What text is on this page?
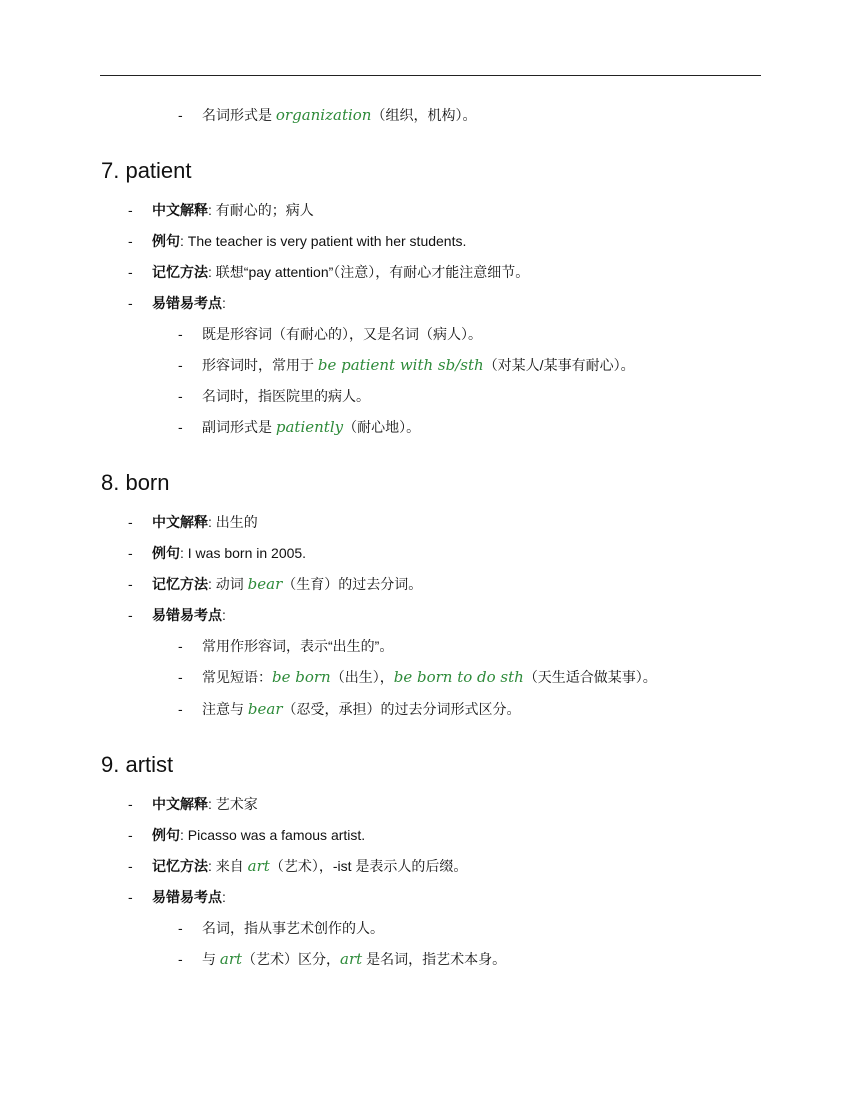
- 名词形式是 organization（组织，机构）。
7. patient
- 中文解释: 有耐心的；病人
- 例句: The teacher is very patient with her students.
- 记忆方法: 联想“pay attention”（注意），有耐心才能注意细节。
- 易错易考点:
- 既是形容词（有耐心的），又是名词（病人）。
- 形容词时，常用于 be patient with sb/sth（对某人/某事有耐心）。
- 名词时，指医院里的病人。
- 副词形式是 patiently（耐心地）。
8. born
- 中文解释: 出生的
- 例句: I was born in 2005.
- 记忆方法: 动词 bear（生育）的过去分词。
- 易错易考点:
- 常用作形容词，表示“出生的”。
- 常见短语：be born（出生），be born to do sth（天生适合做某事）。
- 注意与 bear（忍受，承担）的过去分词形式区分。
9. artist
- 中文解释: 艺术家
- 例句: Picasso was a famous artist.
- 记忆方法: 来自 art（艺术），-ist 是表示人的后缀。
- 易错易考点:
- 名词，指从事艺术创作的人。
- 与 art（艺术）区分，art 是名词，指艺术本身。
